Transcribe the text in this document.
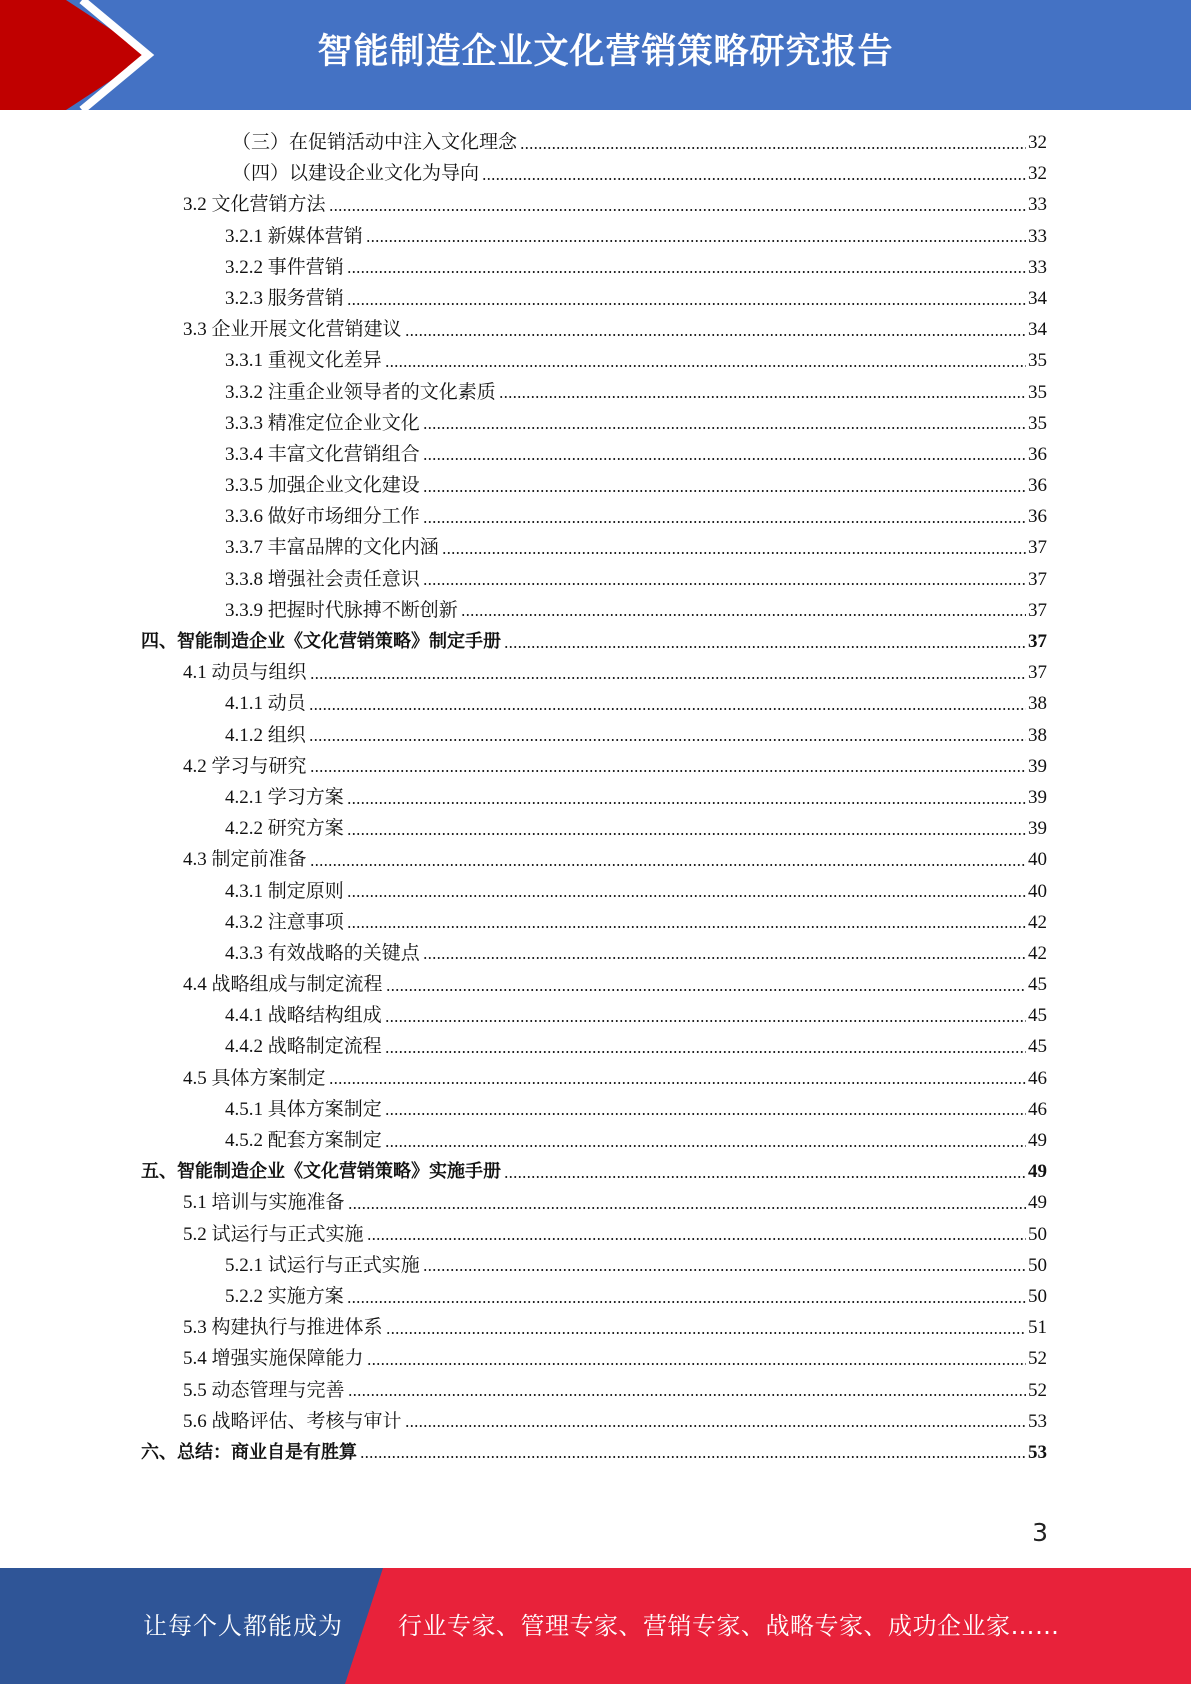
智能制造企业文化营销策略研究报告
（三）在促销活动中注入文化理念	32
（四）以建设企业文化为导向	32
3.2 文化营销方法	33
3.2.1 新媒体营销	33
3.2.2 事件营销	33
3.2.3 服务营销	34
3.3 企业开展文化营销建议	34
3.3.1 重视文化差异	35
3.3.2 注重企业领导者的文化素质	35
3.3.3 精准定位企业文化	35
3.3.4 丰富文化营销组合	36
3.3.5 加强企业文化建设	36
3.3.6 做好市场细分工作	36
3.3.7 丰富品牌的文化内涵	37
3.3.8 增强社会责任意识	37
3.3.9 把握时代脉搏不断创新	37
四、智能制造企业《文化营销策略》制定手册	37
4.1 动员与组织	37
4.1.1 动员	38
4.1.2 组织	38
4.2 学习与研究	39
4.2.1 学习方案	39
4.2.2 研究方案	39
4.3 制定前准备	40
4.3.1 制定原则	40
4.3.2 注意事项	42
4.3.3 有效战略的关键点	42
4.4 战略组成与制定流程	45
4.4.1 战略结构组成	45
4.4.2 战略制定流程	45
4.5 具体方案制定	46
4.5.1 具体方案制定	46
4.5.2 配套方案制定	49
五、智能制造企业《文化营销策略》实施手册	49
5.1 培训与实施准备	49
5.2 试运行与正式实施	50
5.2.1 试运行与正式实施	50
5.2.2 实施方案	50
5.3 构建执行与推进体系	51
5.4 增强实施保障能力	52
5.5 动态管理与完善	52
5.6 战略评估、考核与审计	53
六、总结：商业自是有胜算	53
3
让每个人都能成为 行业专家、管理专家、营销专家、战略专家、成功企业家……
